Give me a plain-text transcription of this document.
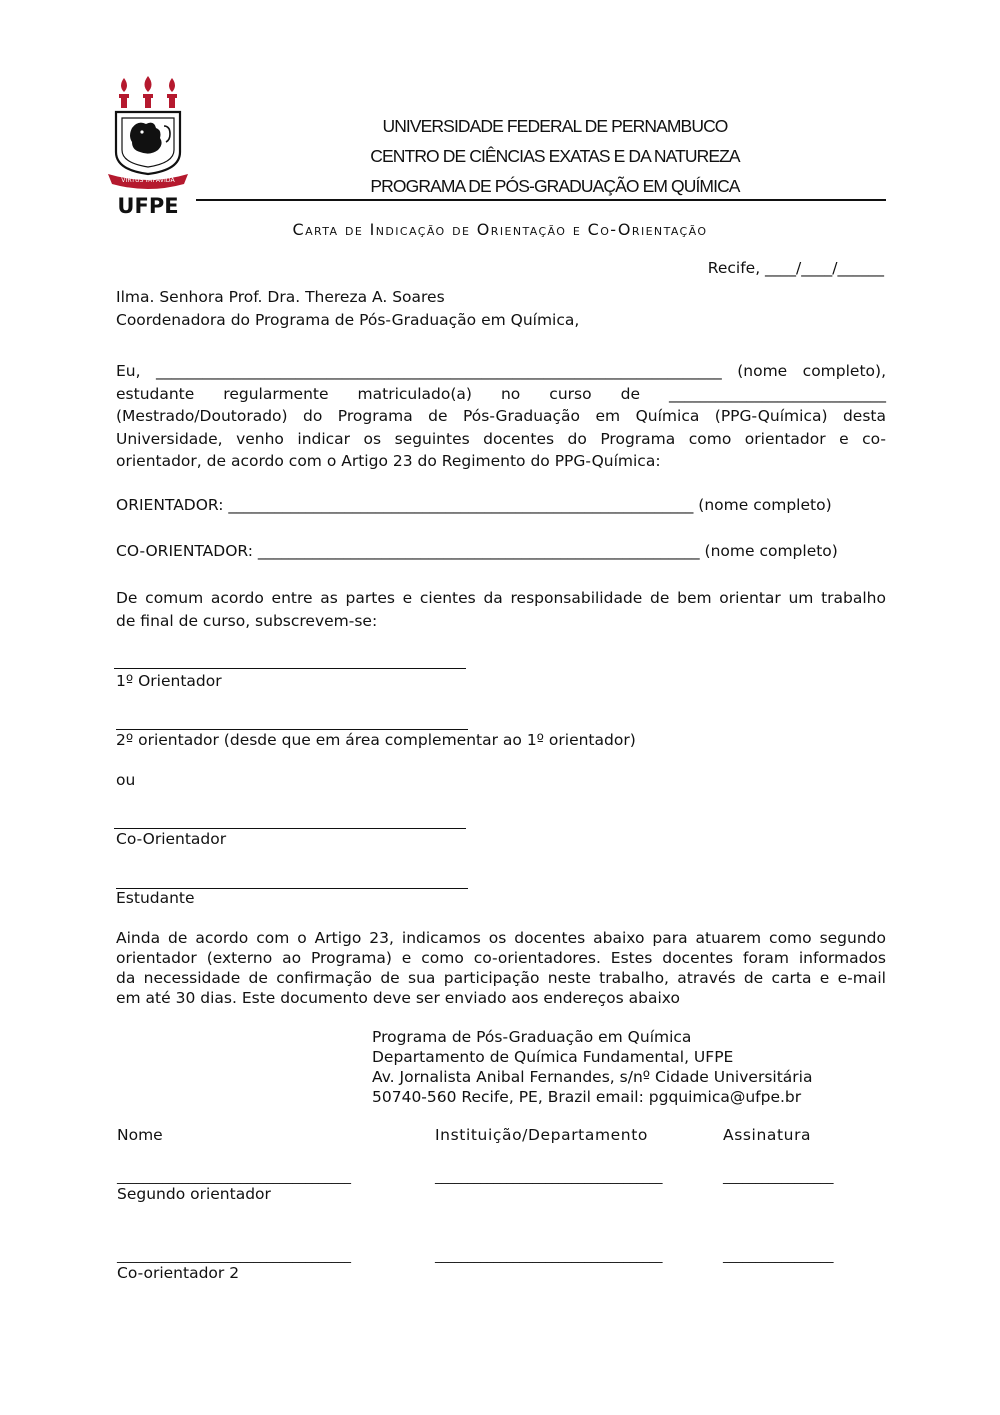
VIRTUS IMPAVIDA
UFPE
UNIVERSIDADE FEDERAL DE PERNAMBUCO
CENTRO DE CIÊNCIAS EXATAS E DA NATUREZA
PROGRAMA DE PÓS-GRADUAÇÃO EM QUÍMICA
Carta de Indicação de Orientação e Co-Orientação
Recife, ____/____/______
Ilma. Senhora Prof. Dra. Thereza A. Soares
Coordenadora do Programa de Pós-Graduação em Química,
Eu, _________________________________________________________________________ (nome completo),
estudante regularmente matriculado(a) no curso de ____________________________
(Mestrado/Doutorado) do Programa de Pós-Graduação em Química (PPG-Química) desta
Universidade, venho indicar os seguintes docentes do Programa como orientador e co-
orientador, de acordo com o Artigo 23 do Regimento do PPG-Química:
ORIENTADOR: ____________________________________________________________ (nome completo)
CO-ORIENTADOR: _________________________________________________________ (nome completo)
De comum acordo entre as partes e cientes da responsabilidade de bem orientar um trabalho
de final de curso, subscrevem-se:
1º Orientador
2º orientador (desde que em área complementar ao 1º orientador)
ou
Co-Orientador
Estudante
Ainda de acordo com o Artigo 23, indicamos os docentes abaixo para atuarem como segundo
orientador (externo ao Programa) e como co-orientadores. Estes docentes foram informados
da necessidade de confirmação de sua participação neste trabalho, através de carta e e-mail
em até 30 dias. Este documento deve ser enviado aos endereços abaixo
Programa de Pós-Graduação em Química
Departamento de Química Fundamental, UFPE
Av. Jornalista Anibal Fernandes, s/nº Cidade Universitária
50740-560 Recife, PE, Brazil email: pgquimica@ufpe.br
Nome	Instituição/Departamento	Assinatura
____________________________________	___________________________________	_________________
Segundo orientador
____________________________________	___________________________________	_________________
Co-orientador 2
